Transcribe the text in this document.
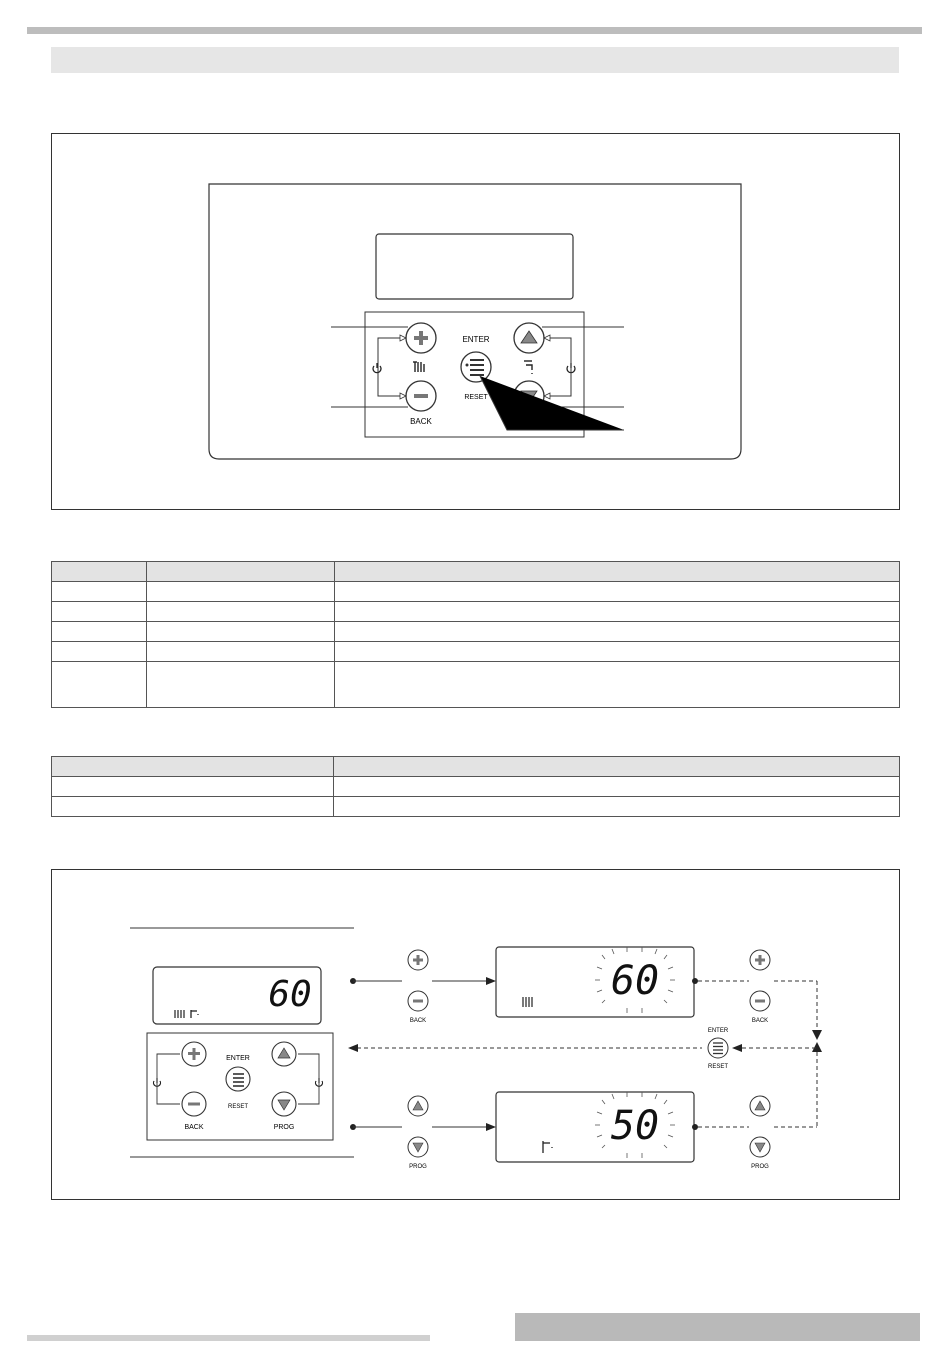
ENTER
RESET
BACK

60
ENTER
RESET
BACK	PROG
BACK
60
BACK
ENTER
RESET
PROG
50
PROG
